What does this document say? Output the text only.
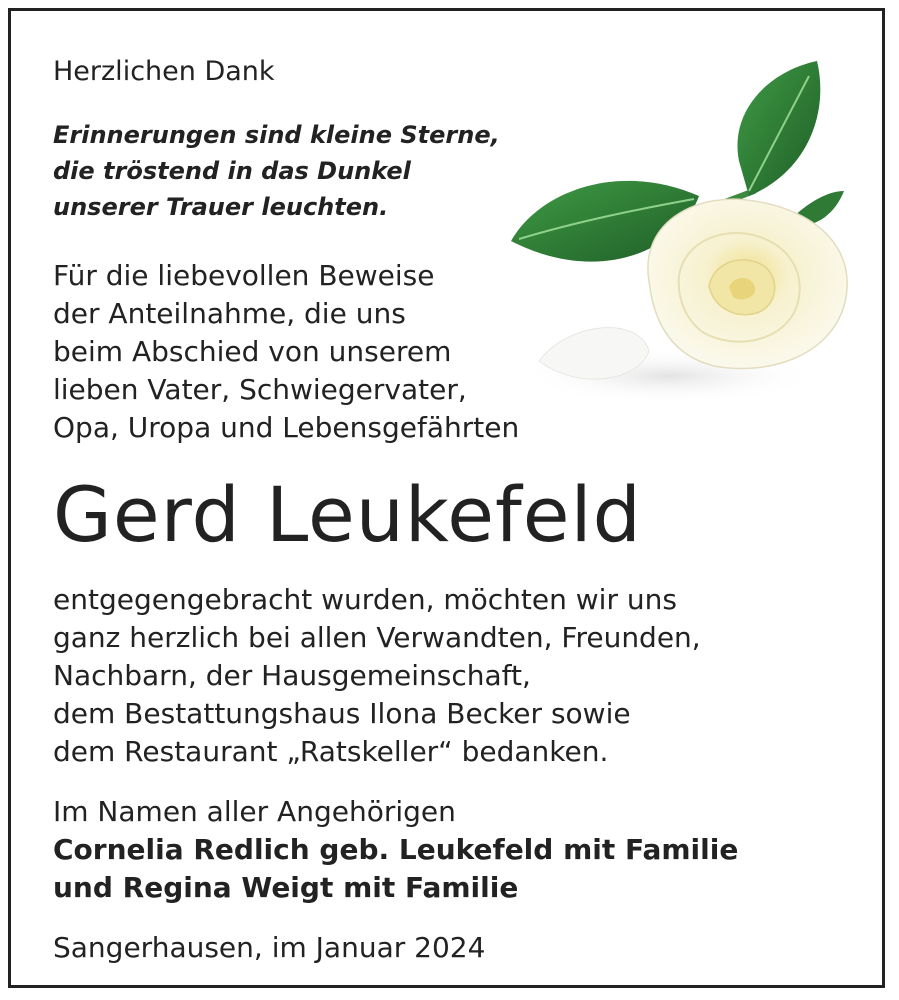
Herzlichen Dank

Erinnerungen sind kleine Sterne,
die tröstend in das Dunkel
unserer Trauer leuchten.

Für die liebevollen Beweise
der Anteilnahme, die uns
beim Abschied von unserem
lieben Vater, Schwiegervater,
Opa, Uropa und Lebensgefährten

Gerd Leukefeld

entgegengebracht wurden, möchten wir uns
ganz herzlich bei allen Verwandten, Freunden,
Nachbarn, der Hausgemeinschaft,
dem Bestattungshaus Ilona Becker sowie
dem Restaurant „Ratskeller“ bedanken.

Im Namen aller Angehörigen
Cornelia Redlich geb. Leukefeld mit Familie
und Regina Weigt mit Familie

Sangerhausen, im Januar 2024
